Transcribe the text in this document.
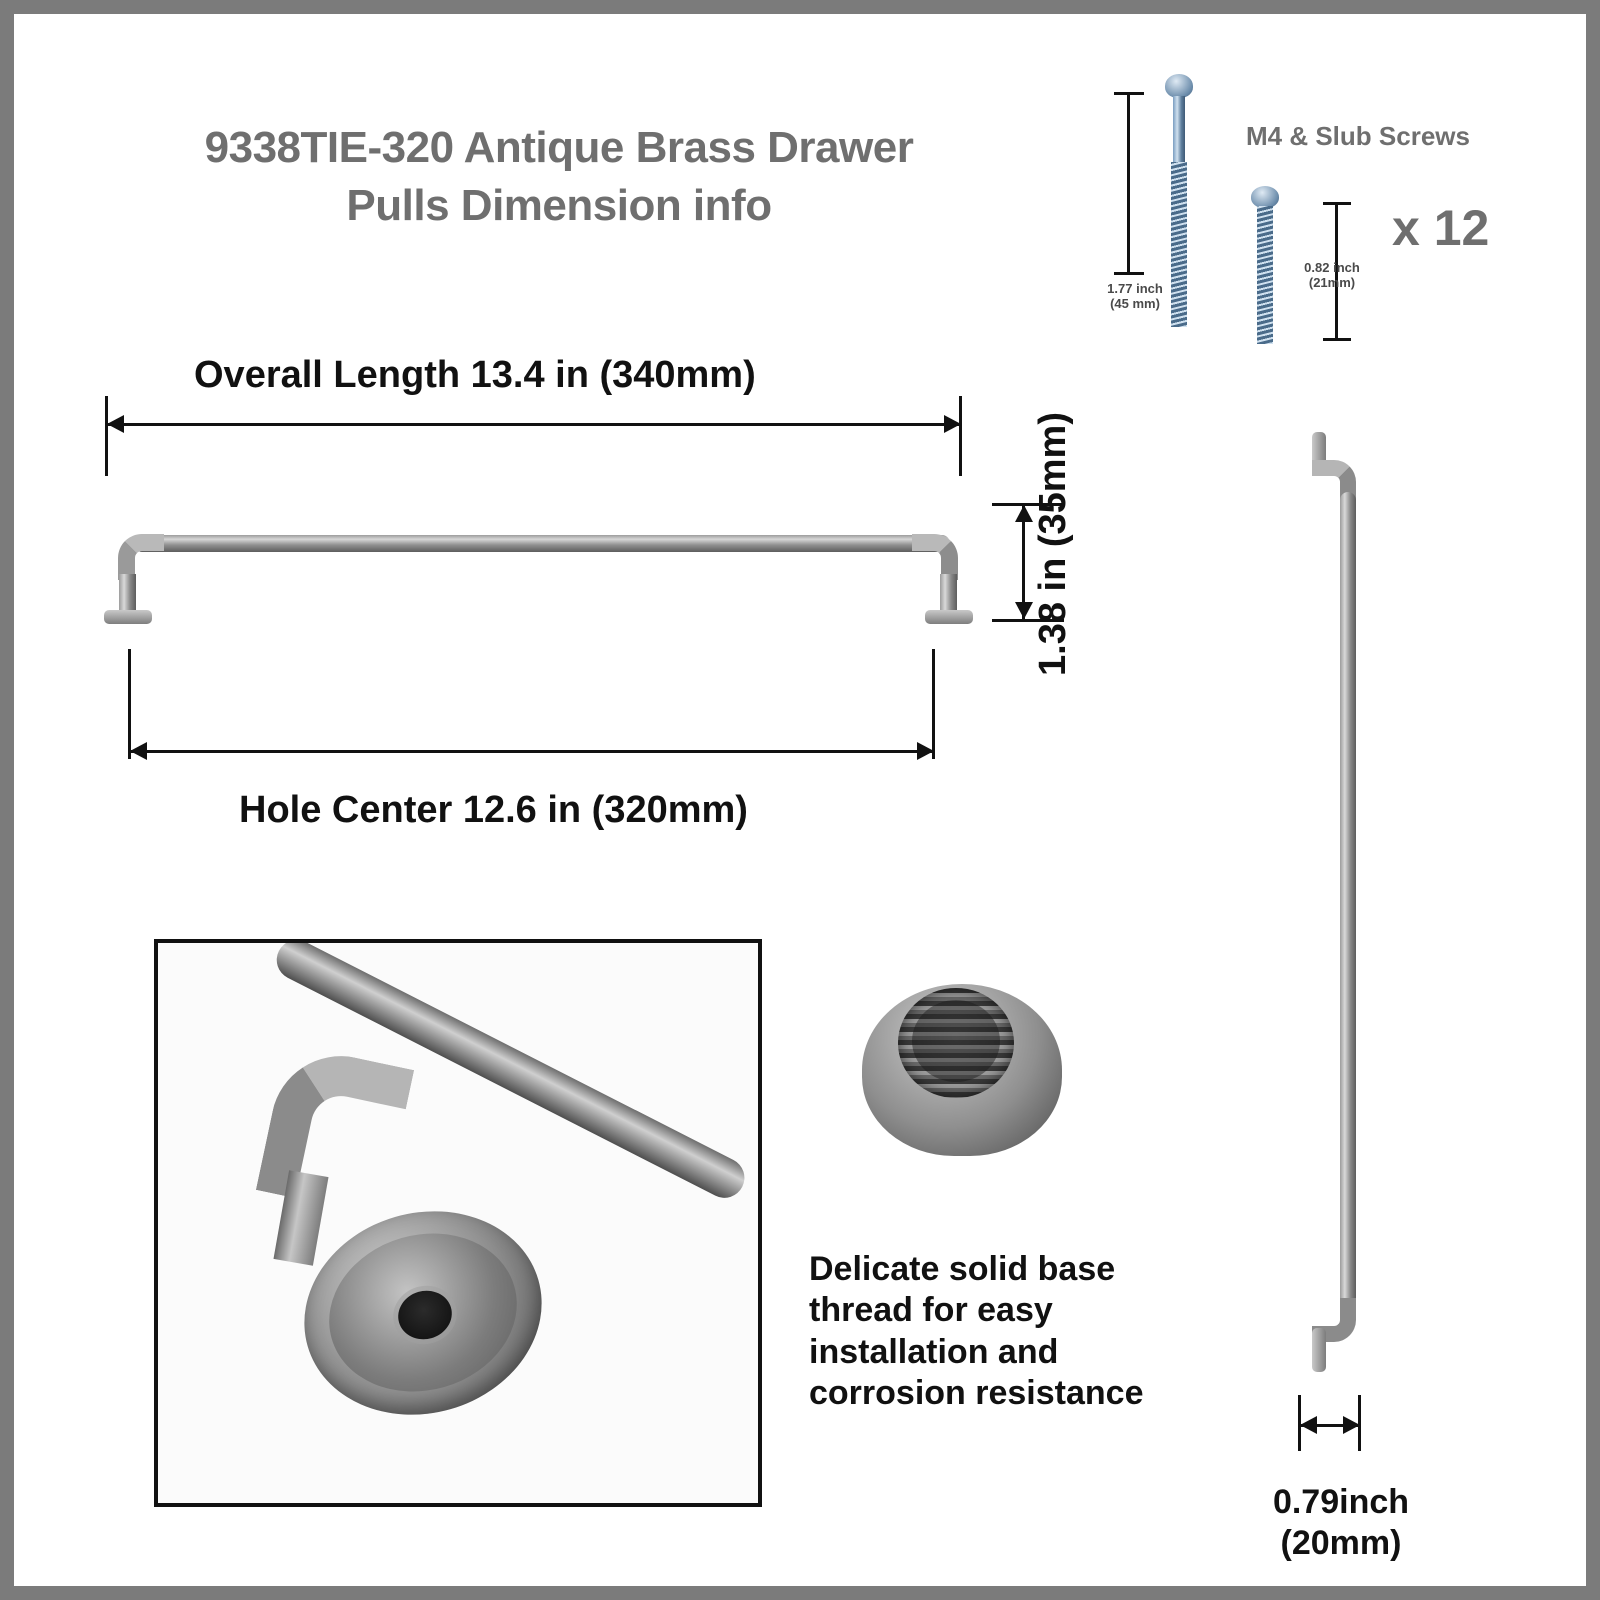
9338TIE-320 Antique Brass Drawer
Pulls Dimension info
M4 & Slub Screws
x 12
1.77 inch
(45 mm)
0.82 inch
(21mm)
Overall Length 13.4 in (340mm)
1.38 in (35mm)
Hole Center 12.6 in (320mm)
Delicate solid base thread for easy installation and corrosion resistance
0.79inch
(20mm)
